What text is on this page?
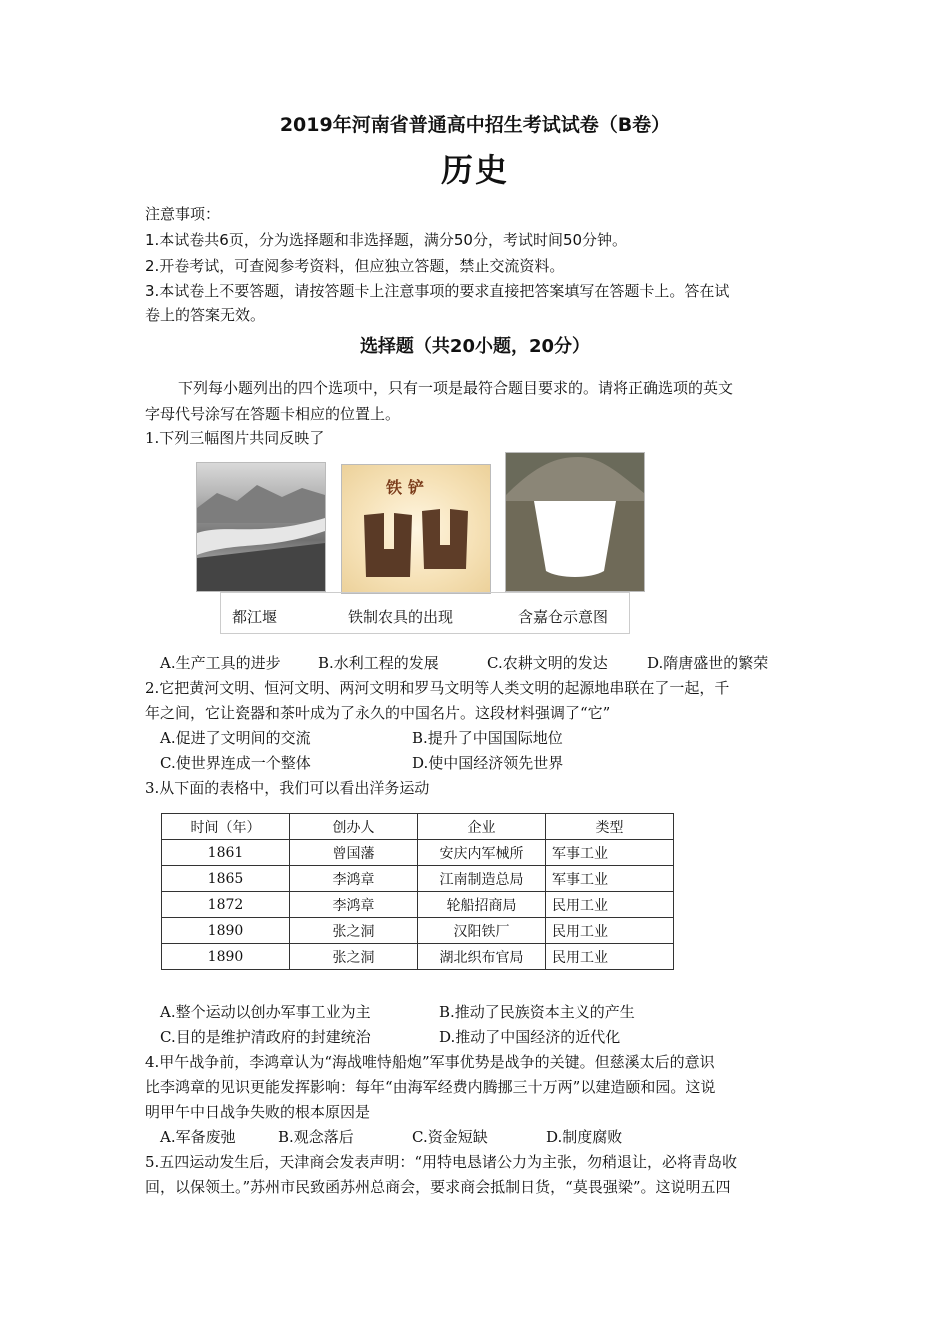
2019年河南省普通高中招生考试试卷（B卷）
历史
注意事项：
1.本试卷共6页，分为选择题和非选择题，满分50分，考试时间50分钟。
2.开卷考试，可查阅参考资料，但应独立答题，禁止交流资料。
3.本试卷上不要答题，请按答题卡上注意事项的要求直接把答案填写在答题卡上。答在试
卷上的答案无效。
选择题（共20小题，20分）
下列每小题列出的四个选项中，只有一项是最符合题目要求的。请将正确选项的英文
字母代号涂写在答题卡相应的位置上。
1.下列三幅图片共同反映了
铁铲
都江堰	铁制农具的出现	含嘉仓示意图
A.生产工具的进步 B.水利工程的发展	C.农耕文明的发达	D.隋唐盛世的繁荣
2.它把黄河文明、恒河文明、两河文明和罗马文明等人类文明的起源地串联在了一起，千
年之间，它让瓷器和茶叶成为了永久的中国名片。这段材料强调了“它”
A.促进了文明间的交流	B.提升了中国国际地位
C.使世界连成一个整体	D.使中国经济领先世界
3.从下面的表格中，我们可以看出洋务运动
时间（年）	创办人	企业	类型
1861	曾国藩	安庆内军械所	军事工业
1865	李鸿章	江南制造总局	军事工业
1872	李鸿章	轮船招商局	民用工业
1890	张之洞	汉阳铁厂	民用工业
1890	张之洞	湖北织布官局	民用工业
A.整个运动以创办军事工业为主	B.推动了民族资本主义的产生
C.目的是维护清政府的封建统治	D.推动了中国经济的近代化
4.甲午战争前，李鸿章认为“海战唯恃船炮”军事优势是战争的关键。但慈溪太后的意识
比李鸿章的见识更能发挥影响：每年“由海军经费内腾挪三十万两”以建造颐和园。这说
明甲午中日战争失败的根本原因是
A.军备废弛	B.观念落后	C.资金短缺	D.制度腐败
5.五四运动发生后，天津商会发表声明：“用特电恳诸公力为主张，勿稍退让，必将青岛收
回，以保领土。”苏州市民致函苏州总商会，要求商会抵制日货，“莫畏强梁”。这说明五四
